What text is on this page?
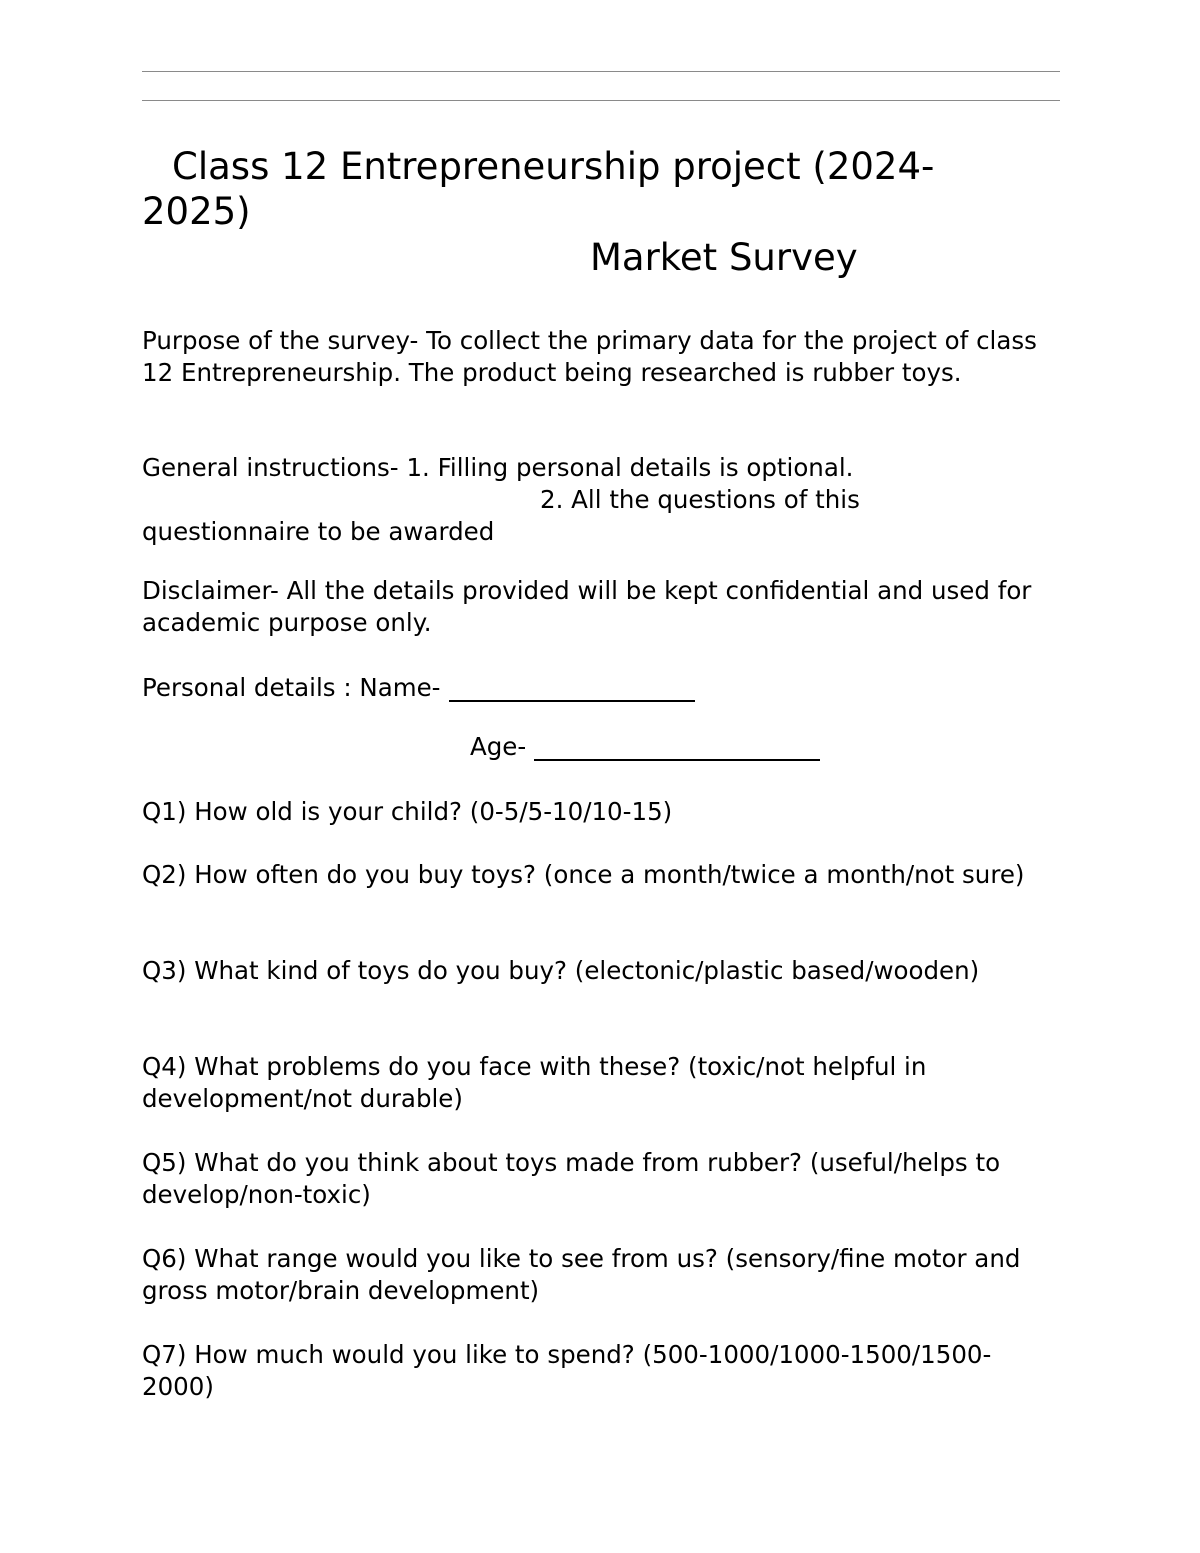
Class 12 Entrepreneurship project (2024-
2025)
Market Survey

Purpose of the survey- To collect the primary data for the project of class 12 Entrepreneurship. The product being researched is rubber toys.

General instructions- 1. Filling personal details is optional.

2. All the questions of this

questionnaire to be awarded

Disclaimer- All the details provided will be kept confidential and used for academic purpose only.

Personal details : Name-
Age-

Q1) How old is your child? (0-5/5-10/10-15)

Q2) How often do you buy toys? (once a month/twice a month/not sure)

Q3) What kind of toys do you buy? (electonic/plastic based/wooden)

Q4) What problems do you face with these? (toxic/not helpful in development/not durable)

Q5) What do you think about toys made from rubber? (useful/helps to develop/non-toxic)

Q6) What range would you like to see from us? (sensory/fine motor and gross motor/brain development)

Q7) How much would you like to spend? (500-1000/1000-1500/1500-2000)
